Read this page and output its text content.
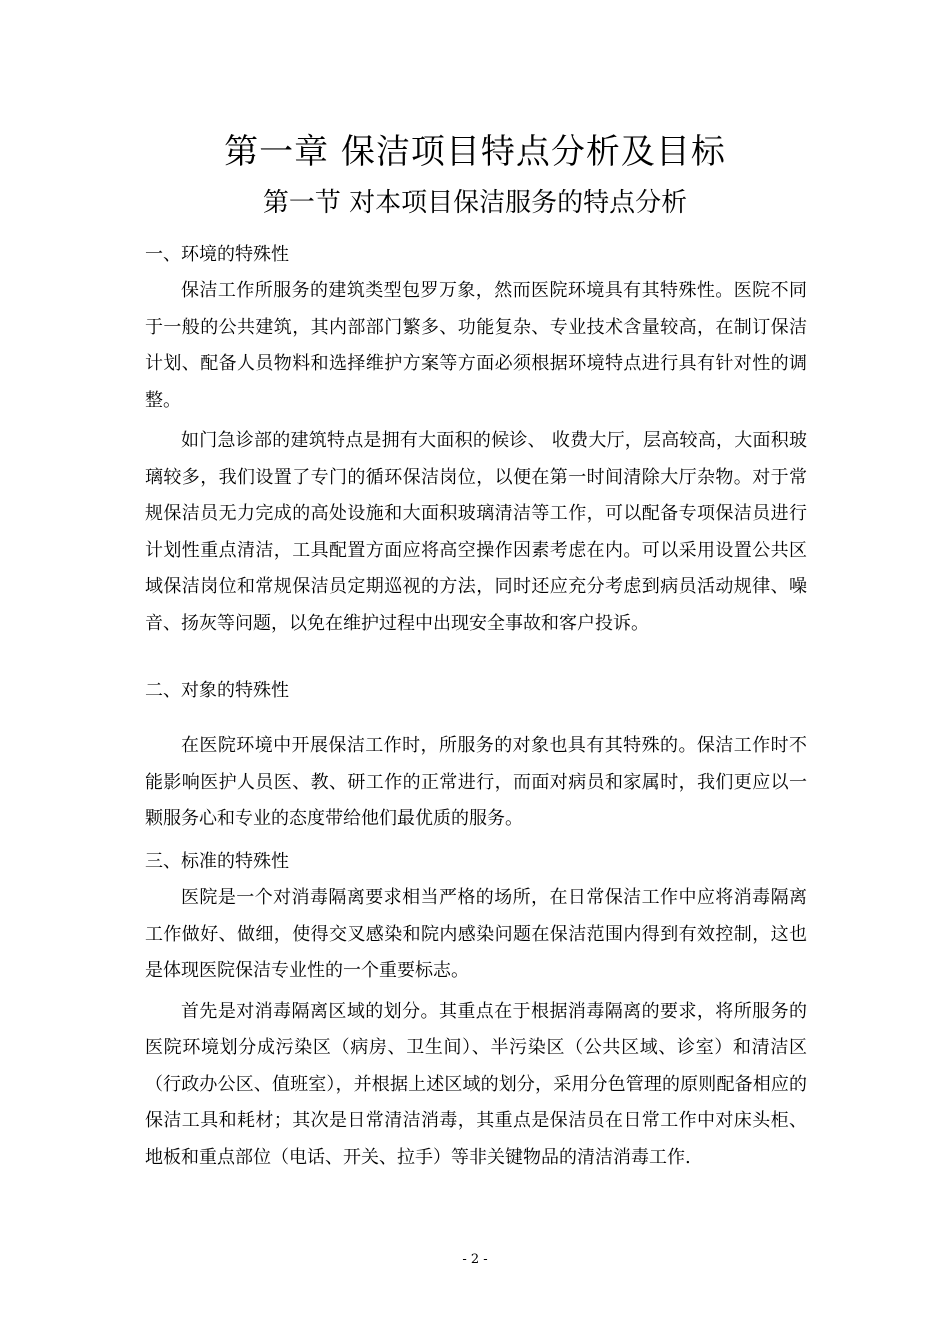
第一章 保洁项目特点分析及目标
第一节 对本项目保洁服务的特点分析
一、环境的特殊性

保洁工作所服务的建筑类型包罗万象，然而医院环境具有其特殊性。医院不同于一般的公共建筑，其内部部门繁多、功能复杂、专业技术含量较高，在制订保洁计划、配备人员物料和选择维护方案等方面必须根据环境特点进行具有针对性的调整。

如门急诊部的建筑特点是拥有大面积的候诊、 收费大厅，层高较高，大面积玻璃较多，我们设置了专门的循环保洁岗位，以便在第一时间清除大厅杂物。对于常规保洁员无力完成的高处设施和大面积玻璃清洁等工作，可以配备专项保洁员进行计划性重点清洁，工具配置方面应将高空操作因素考虑在内。可以采用设置公共区域保洁岗位和常规保洁员定期巡视的方法，同时还应充分考虑到病员活动规律、噪音、扬灰等问题，以免在维护过程中出现安全事故和客户投诉。

二、对象的特殊性

在医院环境中开展保洁工作时，所服务的对象也具有其特殊的。保洁工作时不能影响医护人员医、教、研工作的正常进行，而面对病员和家属时，我们更应以一颗服务心和专业的态度带给他们最优质的服务。

三、标准的特殊性

医院是一个对消毒隔离要求相当严格的场所，在日常保洁工作中应将消毒隔离工作做好、做细，使得交叉感染和院内感染问题在保洁范围内得到有效控制，这也是体现医院保洁专业性的一个重要标志。

首先是对消毒隔离区域的划分。其重点在于根据消毒隔离的要求，将所服务的医院环境划分成污染区（病房、卫生间）、半污染区（公共区域、诊室）和清洁区（行政办公区、值班室），并根据上述区域的划分，采用分色管理的原则配备相应的保洁工具和耗材；其次是日常清洁消毒，其重点是保洁员在日常工作中对床头柜、地板和重点部位（电话、开关、拉手）等非关键物品的清洁消毒工作.

- 2 -
